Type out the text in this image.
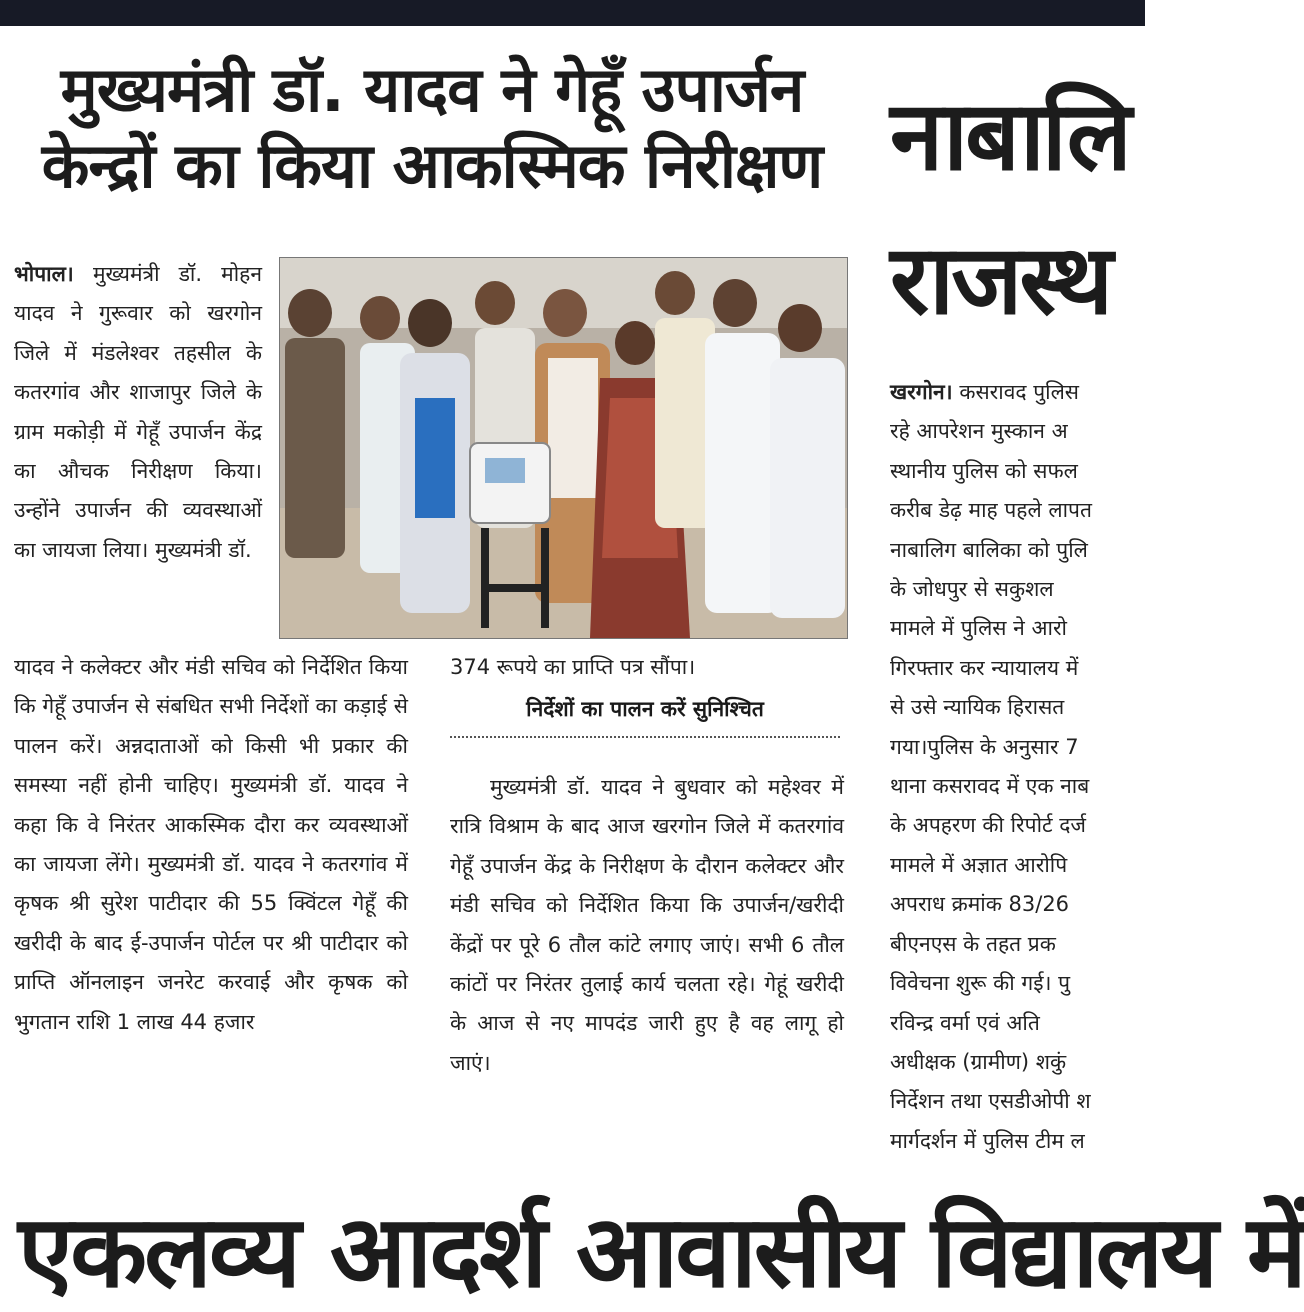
मुख्यमंत्री डॉ. यादव ने गेहूँ उपार्जन
केन्द्रों का किया आकस्मिक निरीक्षण नाबालि
राजस्थ

भोपाल। मुख्यमंत्री डॉ. मोहन यादव ने गुरूवार को खरगोन जिले में मंडलेश्वर तहसील के कतरगांव और शाजापुर जिले के ग्राम मकोड़ी में गेहूँ उपार्जन केंद्र का औचक निरीक्षण किया। उन्होंने उपार्जन की व्यवस्थाओं का जायजा लिया। मुख्यमंत्री डॉ.

यादव ने कलेक्टर और मंडी सचिव को निर्देशित किया कि गेहूँ उपार्जन से संबधित सभी निर्देशों का कड़ाई से पालन करें। अन्नदाताओं को किसी भी प्रकार की समस्या नहीं होनी चाहिए। मुख्यमंत्री डॉ. यादव ने कहा कि वे निरंतर आकस्मिक दौरा कर व्यवस्थाओं का जायजा लेंगे। मुख्यमंत्री डॉ. यादव ने कतरगांव में कृषक श्री सुरेश पाटीदार की 55 क्विंटल गेहूँ की खरीदी के बाद ई-उपार्जन पोर्टल पर श्री पाटीदार को प्राप्ति ऑनलाइन जनरेट करवाई और कृषक को भुगतान राशि 1 लाख 44 हजार

374 रूपये का प्राप्ति पत्र सौंपा।

निर्देशों का पालन करें सुनिश्चित

मुख्यमंत्री डॉ. यादव ने बुधवार को महेश्वर में रात्रि विश्राम के बाद आज खरगोन जिले में कतरगांव गेहूँ उपार्जन केंद्र के निरीक्षण के दौरान कलेक्टर और मंडी सचिव को निर्देशित किया कि उपार्जन/खरीदी केंद्रों पर पूरे 6 तौल कांटे लगाए जाएं। सभी 6 तौल कांटों पर निरंतर तुलाई कार्य चलता रहे। गेहूं खरीदी के आज से नए मापदंड जारी हुए है वह लागू हो जाएं।

खरगोन। कसरावद पुलिस
रहे आपरेशन मुस्कान अ
स्थानीय पुलिस को सफल
करीब डेढ़ माह पहले लापत
नाबालिग बालिका को पुलि
के जोधपुर से सकुशल
मामले में पुलिस ने आरो
गिरफ्तार कर न्यायालय में
से उसे न्यायिक हिरासत
गया।पुलिस के अनुसार 7
थाना कसरावद में एक नाब
के अपहरण की रिपोर्ट दर्ज
मामले में अज्ञात आरोपि
अपराध क्रमांक 83/26
बीएनएस के तहत प्रक
विवेचना शुरू की गई। पु
रविन्द्र वर्मा एवं अति
अधीक्षक (ग्रामीण) शकुं
निर्देशन तथा एसडीओपी श
मार्गदर्शन में पुलिस टीम ल
एकलव्य आदर्श आवासीय विद्यालय में
